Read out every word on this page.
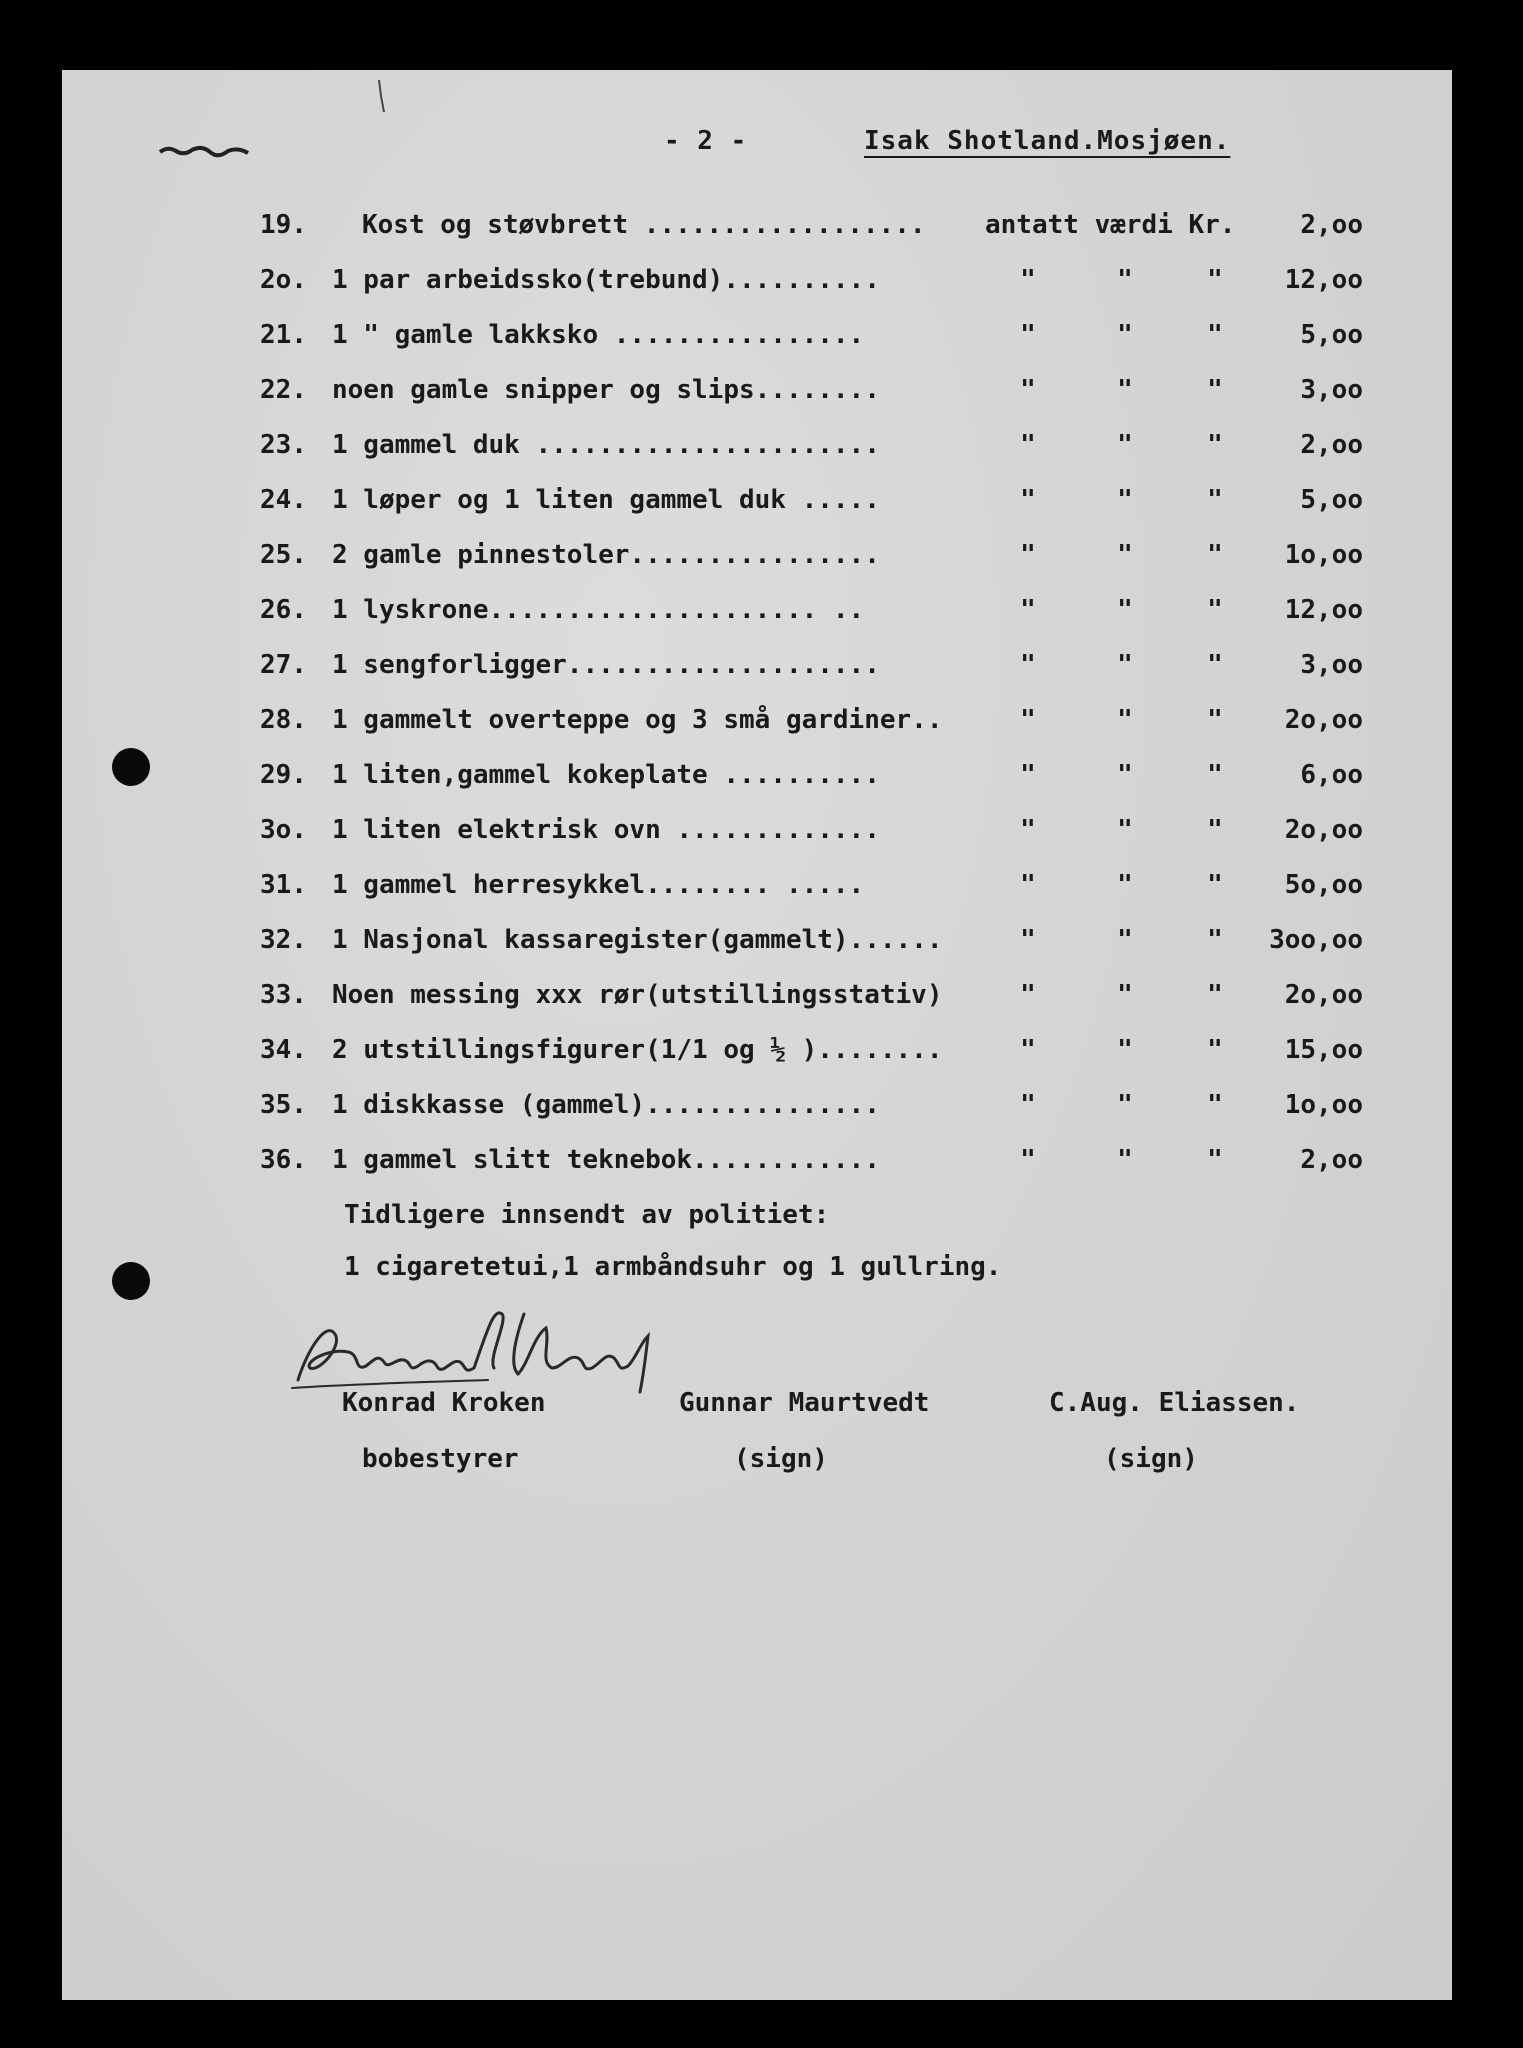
- 2 -	Isak Shotland.Mosjøen.
19. Kost og støvbrett .................. antatt værdi Kr.	2,oo
2o. 1 par arbeidssko(trebund)..........	"	"	"	12,oo
21. 1 " gamle lakksko ................	"	"	"	5,oo
22. noen gamle snipper og slips........	"	"	"	3,oo
23. 1 gammel duk ......................	"	"	"	2,oo
24. 1 løper og 1 liten gammel duk .....	"	"	"	5,oo
25. 2 gamle pinnestoler................	"	"	"	1o,oo
26. 1 lyskrone..................... ..	"	"	"	12,oo
27. 1 sengforligger....................	"	"	"	3,oo
28. 1 gammelt overteppe og 3 små gardiner..	"	"	"	2o,oo
29. 1 liten,gammel kokeplate ..........	"	"	"	6,oo
3o. 1 liten elektrisk ovn .............	"	"	"	2o,oo
31. 1 gammel herresykkel........ .....	"	"	"	5o,oo
32. 1 Nasjonal kassaregister(gammelt)......	"	"	"	3oo,oo
33. Noen messing xxx rør(utstillingsstativ)	"	"	"	2o,oo
34. 2 utstillingsfigurer(1/1 og ½ )........	"	"	"	15,oo
35. 1 diskkasse (gammel)...............	"	"	"	1o,oo
36. 1 gammel slitt teknebok............	"	"	"	2,oo
Tidligere innsendt av politiet:
1 cigaretetui,1 armbåndsuhr og 1 gullring.
Konrad Kroken
bobestyrer
Gunnar Maurtvedt
(sign)
C.Aug. Eliassen.
(sign)
